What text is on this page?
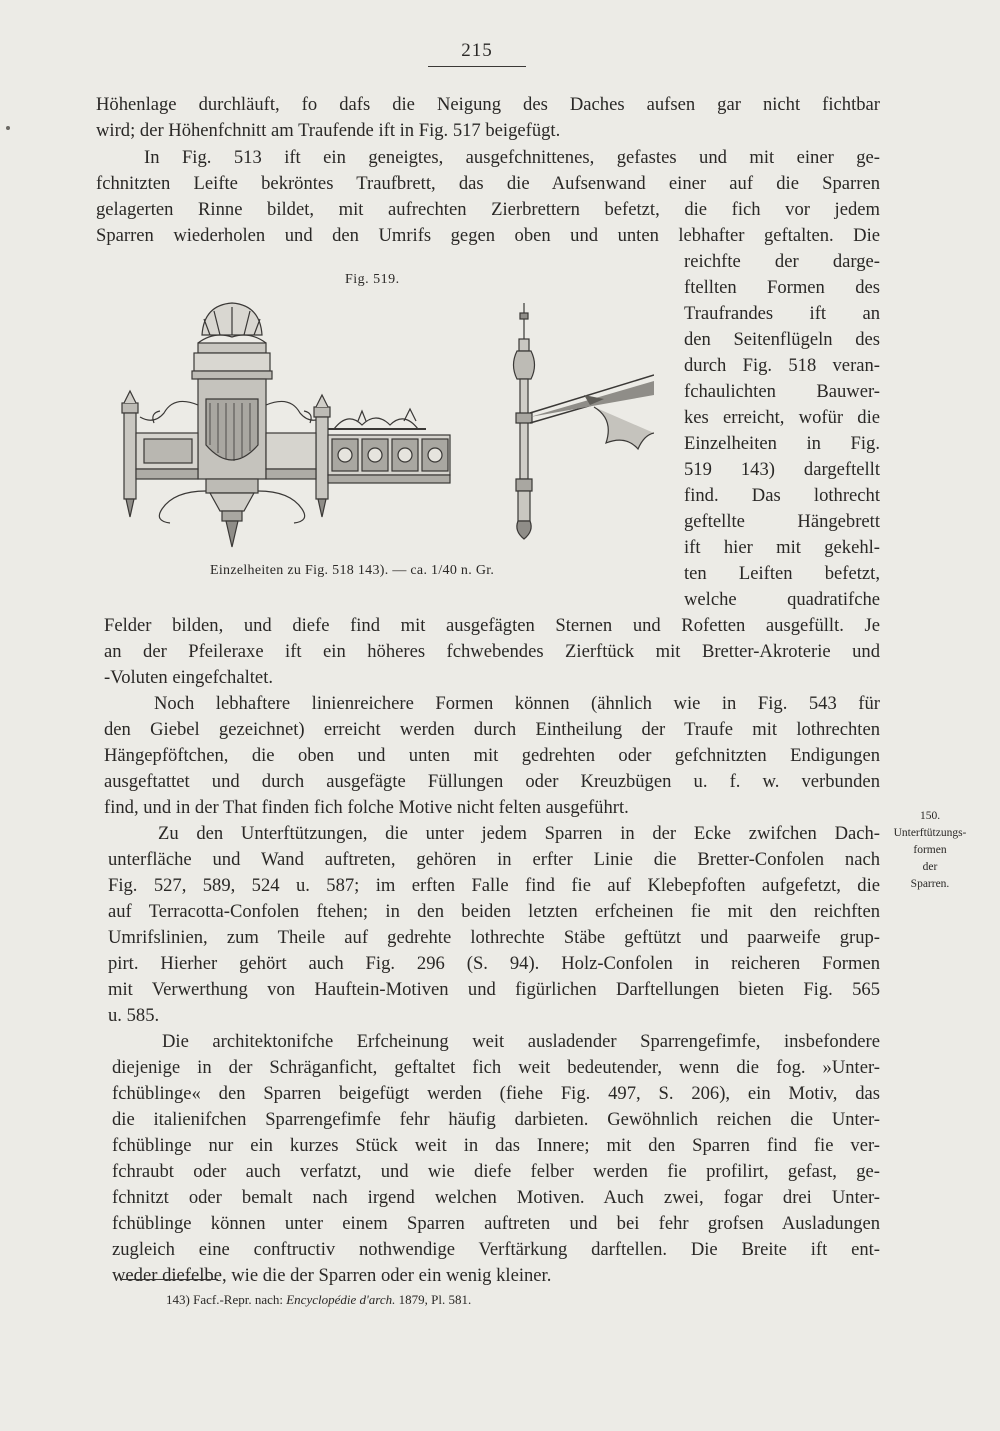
215
Höhenlage durchläuft, fo dafs die Neigung des Daches aufsen gar nicht fichtbar
wird; der Höhenfchnitt am Traufende ift in Fig. 517 beigefügt.
In Fig. 513 ift ein geneigtes, ausgefchnittenes, gefastes und mit einer ge-
fchnitzten Leifte bekröntes Traufbrett, das die Aufsenwand einer auf die Sparren
gelagerten Rinne bildet, mit aufrechten Zierbrettern befetzt, die fich vor jedem
Sparren wiederholen und den Umrifs gegen oben und unten lebhafter geftalten. Die
reichfte der darge-
ftellten Formen des
Traufrandes ift an
den Seitenflügeln des
durch Fig. 518 veran-
fchaulichten Bauwer-
kes erreicht, wofür die
Einzelheiten in Fig.
519 143) dargeftellt
find. Das lothrecht
geftellte Hängebrett
ift hier mit gekehl-
ten Leiften befetzt,
welche quadratifche
Fig. 519.
Einzelheiten zu Fig. 518 143). — ca. 1/40 n. Gr.
Felder bilden, und diefe find mit ausgefägten Sternen und Rofetten ausgefüllt. Je
an der Pfeileraxe ift ein höheres fchwebendes Zierftück mit Bretter-Akroterie und
-Voluten eingefchaltet.
Noch lebhaftere linienreichere Formen können (ähnlich wie in Fig. 543 für
den Giebel gezeichnet) erreicht werden durch Eintheilung der Traufe mit lothrechten
Hängepföftchen, die oben und unten mit gedrehten oder gefchnitzten Endigungen
ausgeftattet und durch ausgefägte Füllungen oder Kreuzbügen u. f. w. verbunden
find, und in der That finden fich folche Motive nicht felten ausgeführt.
Zu den Unterftützungen, die unter jedem Sparren in der Ecke zwifchen Dach-
unterfläche und Wand auftreten, gehören in erfter Linie die Bretter-Confolen nach
Fig. 527, 589, 524 u. 587; im erften Falle find fie auf Klebepfoften aufgefetzt, die
auf Terracotta-Confolen ftehen; in den beiden letzten erfcheinen fie mit den reichften
Umrifslinien, zum Theile auf gedrehte lothrechte Stäbe geftützt und paarweife grup-
pirt. Hierher gehört auch Fig. 296 (S. 94). Holz-Confolen in reicheren Formen
mit Verwerthung von Hauftein-Motiven und figürlichen Darftellungen bieten Fig. 565
u. 585.
150.
Unterftützungs-
formen
der
Sparren.
Die architektonifche Erfcheinung weit ausladender Sparrengefimfe, insbefondere
diejenige in der Schräganficht, geftaltet fich weit bedeutender, wenn die fog. »Unter-
fchüblinge« den Sparren beigefügt werden (fiehe Fig. 497, S. 206), ein Motiv, das
die italienifchen Sparrengefimfe fehr häufig darbieten. Gewöhnlich reichen die Unter-
fchüblinge nur ein kurzes Stück weit in das Innere; mit den Sparren find fie ver-
fchraubt oder auch verfatzt, und wie diefe felber werden fie profilirt, gefast, ge-
fchnitzt oder bemalt nach irgend welchen Motiven. Auch zwei, fogar drei Unter-
fchüblinge können unter einem Sparren auftreten und bei fehr grofsen Ausladungen
zugleich eine conftructiv nothwendige Verftärkung darftellen. Die Breite ift ent-
weder diefelbe, wie die der Sparren oder ein wenig kleiner.
143) Facf.-Repr. nach: Encyclopédie d'arch. 1879, Pl. 581.
